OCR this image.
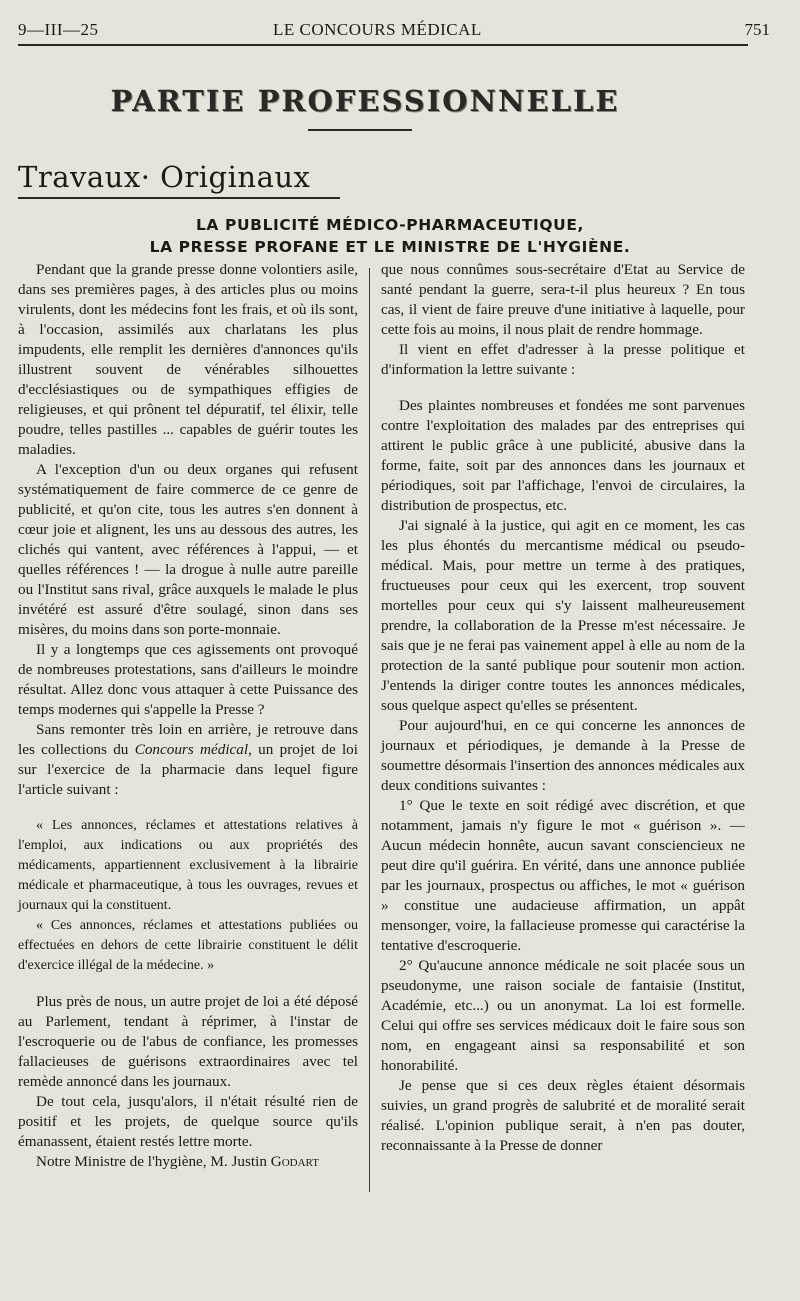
9—III—25	LE CONCOURS MÉDICAL	751
PARTIE PROFESSIONNELLE
Travaux· Originaux
LA PUBLICITÉ MÉDICO-PHARMACEUTIQUE,
LA PRESSE PROFANE ET LE MINISTRE DE L'HYGIÈNE.

Pendant que la grande presse donne volontiers asile, dans ses premières pages, à des articles plus ou moins virulents, dont les médecins font les frais, et où ils sont, à l'occasion, assimilés aux charlatans les plus impudents, elle remplit les dernières d'annonces qu'ils illustrent souvent de vénérables silhouettes d'ecclésiastiques ou de sympathiques effigies de religieuses, et qui prônent tel dépuratif, tel élixir, telle poudre, telles pastilles ... capables de guérir toutes les maladies.

A l'exception d'un ou deux organes qui refusent systématiquement de faire commerce de ce genre de publicité, et qu'on cite, tous les autres s'en donnent à cœur joie et alignent, les uns au dessous des autres, les clichés qui vantent, avec références à l'appui, — et quelles références ! — la drogue à nulle autre pareille ou l'Institut sans rival, grâce auxquels le malade le plus invétéré est assuré d'être soulagé, sinon dans ses misères, du moins dans son porte-monnaie.

Il y a longtemps que ces agissements ont provoqué de nombreuses protestations, sans d'ailleurs le moindre résultat. Allez donc vous attaquer à cette Puissance des temps modernes qui s'appelle la Presse ?

Sans remonter très loin en arrière, je retrouve dans les collections du Concours médical, un projet de loi sur l'exercice de la pharmacie dans lequel figure l'article suivant :

« Les annonces, réclames et attestations relatives à l'emploi, aux indications ou aux propriétés des médicaments, appartiennent exclusivement à la librairie médicale et pharmaceutique, à tous les ouvrages, revues et journaux qui la constituent.

« Ces annonces, réclames et attestations publiées ou effectuées en dehors de cette librairie constituent le délit d'exercice illégal de la médecine. »

Plus près de nous, un autre projet de loi a été déposé au Parlement, tendant à réprimer, à l'instar de l'escroquerie ou de l'abus de confiance, les promesses fallacieuses de guérisons extraordinaires avec tel remède annoncé dans les journaux.

De tout cela, jusqu'alors, il n'était résulté rien de positif et les projets, de quelque source qu'ils émanassent, étaient restés lettre morte.

Notre Ministre de l'hygiène, M. Justin Godart

que nous connûmes sous-secrétaire d'Etat au Service de santé pendant la guerre, sera-t-il plus heureux ? En tous cas, il vient de faire preuve d'une initiative à laquelle, pour cette fois au moins, il nous plait de rendre hommage.

Il vient en effet d'adresser à la presse politique et d'information la lettre suivante :

Des plaintes nombreuses et fondées me sont parvenues contre l'exploitation des malades par des entreprises qui attirent le public grâce à une publicité, abusive dans la forme, faite, soit par des annonces dans les journaux et périodiques, soit par l'affichage, l'envoi de circulaires, la distribution de prospectus, etc.

J'ai signalé à la justice, qui agit en ce moment, les cas les plus éhontés du mercantisme médical ou pseudo-médical. Mais, pour mettre un terme à des pratiques, fructueuses pour ceux qui les exercent, trop souvent mortelles pour ceux qui s'y laissent malheureusement prendre, la collaboration de la Presse m'est nécessaire. Je sais que je ne ferai pas vainement appel à elle au nom de la protection de la santé publique pour soutenir mon action. J'entends la diriger contre toutes les annonces médicales, sous quelque aspect qu'elles se présentent.

Pour aujourd'hui, en ce qui concerne les annonces de journaux et périodiques, je demande à la Presse de soumettre désormais l'insertion des annonces médicales aux deux conditions suivantes :

1° Que le texte en soit rédigé avec discrétion, et que notamment, jamais n'y figure le mot « guérison ». — Aucun médecin honnête, aucun savant consciencieux ne peut dire qu'il guérira. En vérité, dans une annonce publiée par les journaux, prospectus ou affiches, le mot « guérison » constitue une audacieuse affirmation, un appât mensonger, voire, la fallacieuse promesse qui caractérise la tentative d'escroquerie.

2° Qu'aucune annonce médicale ne soit placée sous un pseudonyme, une raison sociale de fantaisie (Institut, Académie, etc...) ou un anonymat. La loi est formelle. Celui qui offre ses services médicaux doit le faire sous son nom, en engageant ainsi sa responsabilité et son honorabilité.

Je pense que si ces deux règles étaient désormais suivies, un grand progrès de salubrité et de moralité serait réalisé. L'opinion publique serait, à n'en pas douter, reconnaissante à la Presse de donner
